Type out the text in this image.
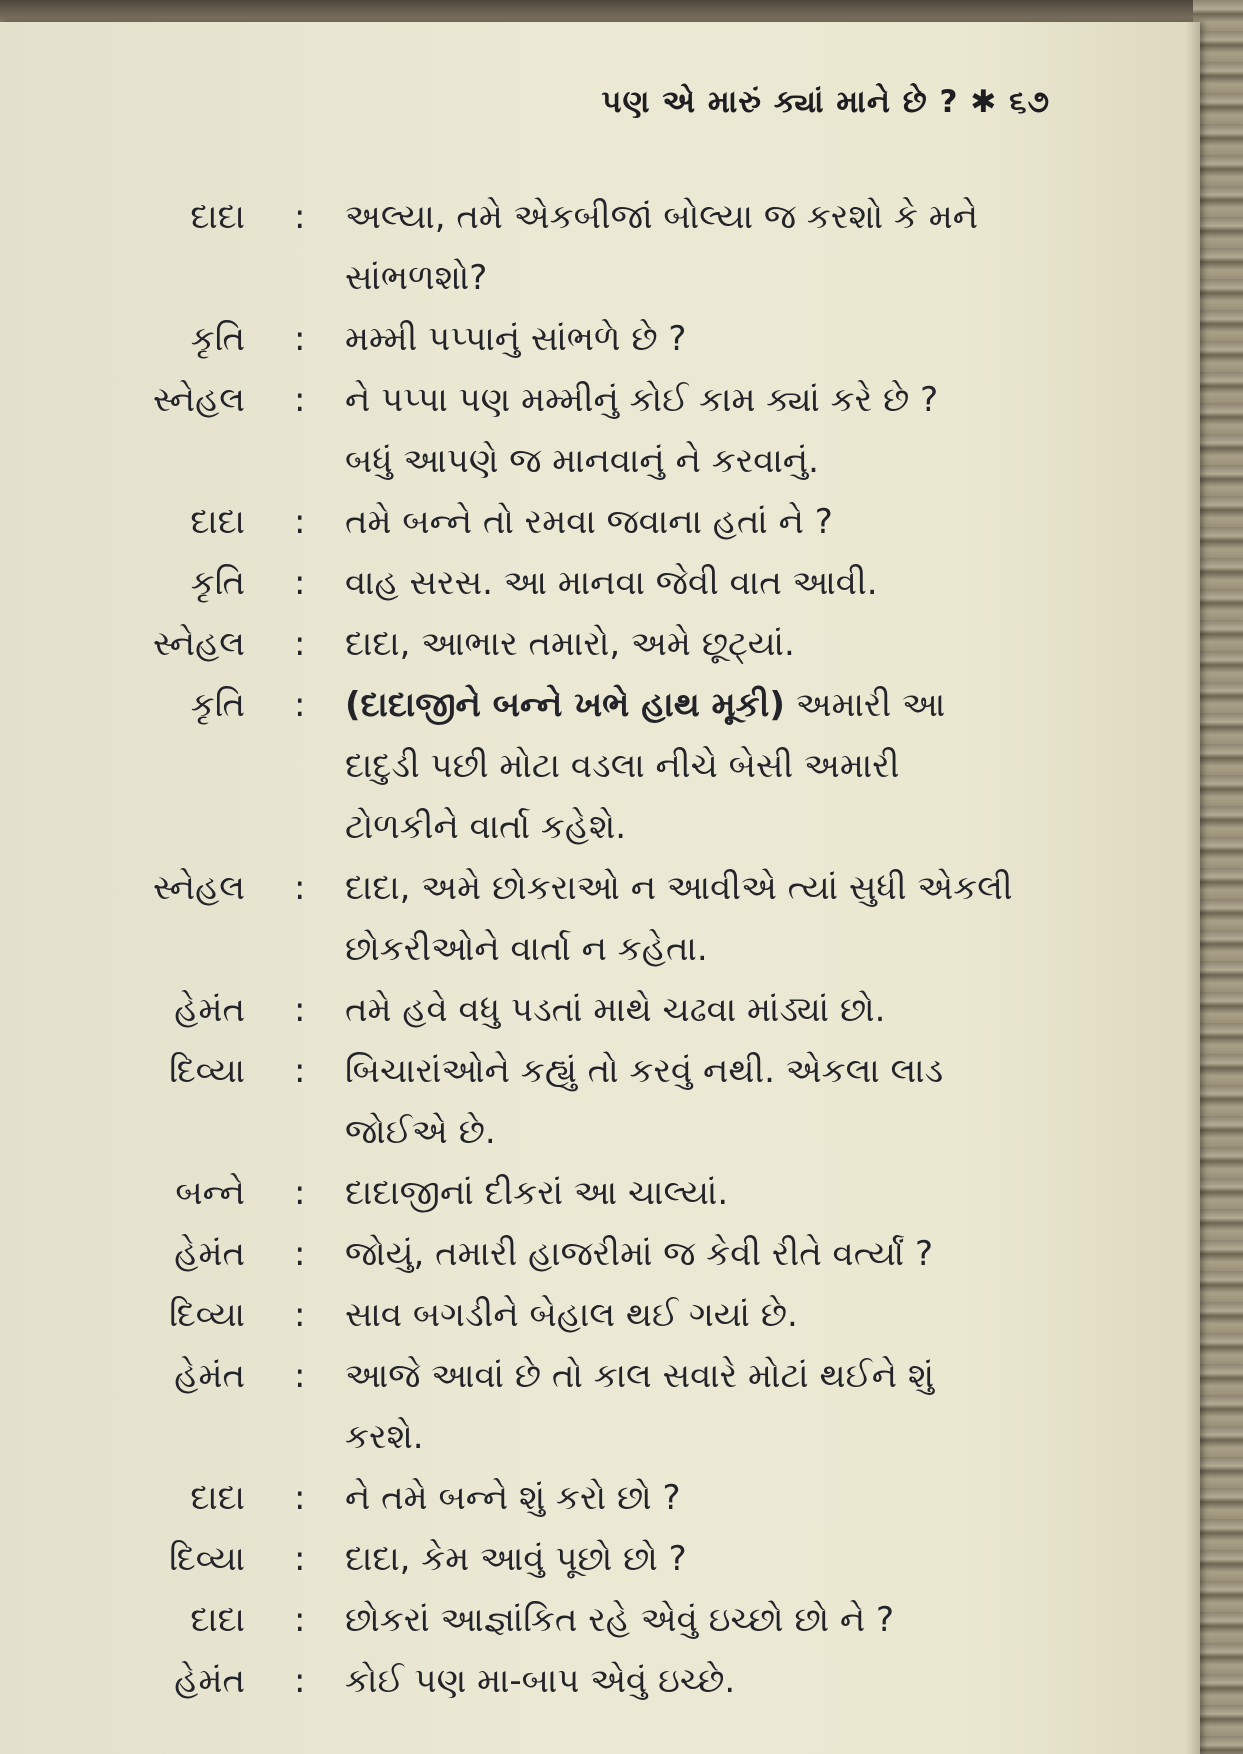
પણ એ મારું ક્યાં માને છે ? ✱ ૬૭
દાદા : અલ્યા, તમે એકબીજાં બોલ્યા જ કરશો કે મને
સાંભળશો?
કૃતિ : મમ્મી પપ્પાનું સાંભળે છે ?
સ્નેહલ : ને પપ્પા પણ મમ્મીનું કોઈ કામ ક્યાં કરે છે ?
બધું આપણે જ માનવાનું ને કરવાનું.
દાદા : તમે બન્ને તો રમવા જવાના હતાં ને ?
કૃતિ : વાહ સરસ. આ માનવા જેવી વાત આવી.
સ્નેહલ : દાદા, આભાર તમારો, અમે છૂટ્યાં.
કૃતિ : (દાદાજીને બન્ને ખભે હાથ મૂકી) અમારી આ
દાદુડી પછી મોટા વડલા નીચે બેસી અમારી
ટોળકીને વાર્તા કહેશે.
સ્નેહલ : દાદા, અમે છોકરાઓ ન આવીએ ત્યાં સુધી એકલી
છોકરીઓને વાર્તા ન કહેતા.
હેમંત : તમે હવે વધુ પડતાં માથે ચઢવા માંડ્યાં છો.
દિવ્યા : બિચારાંઓને કહ્યું તો કરવું નથી. એકલા લાડ
જોઈએ છે.
બન્ને : દાદાજીનાં દીકરાં આ ચાલ્યાં.
હેમંત : જોયું, તમારી હાજરીમાં જ કેવી રીતે વર્ત્યાં ?
દિવ્યા : સાવ બગડીને બેહાલ થઈ ગયાં છે.
હેમંત : આજે આવાં છે તો કાલ સવારે મોટાં થઈને શું
કરશે.
દાદા : ને તમે બન્ને શું કરો છો ?
દિવ્યા : દાદા, કેમ આવું પૂછો છો ?
દાદા : છોકરાં આજ્ઞાંકિત રહે એવું ઇચ્છો છો ને ?
હેમંત : કોઈ પણ મા-બાપ એવું ઇચ્છે.
